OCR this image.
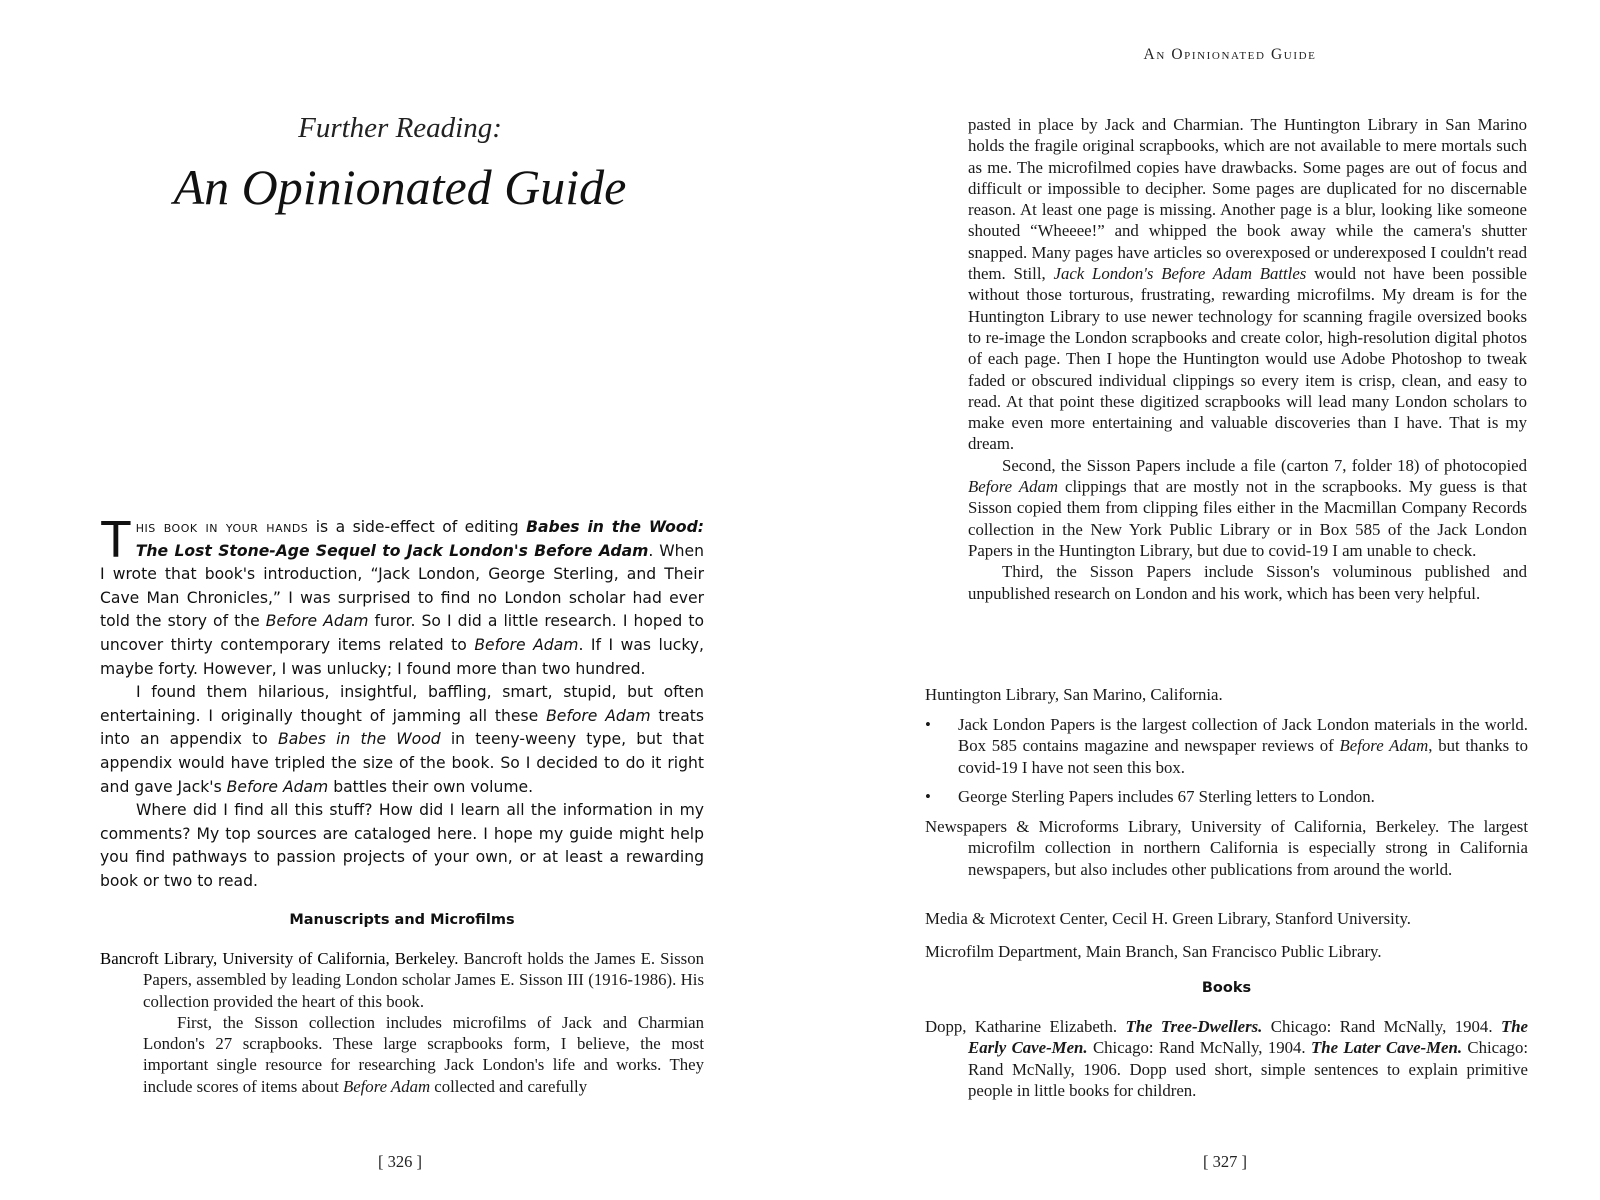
Further Reading:
An Opinionated Guide

This book in your hands is a side-effect of editing Babes in the Wood: The Lost Stone-Age Sequel to Jack London's Before Adam. When I wrote that book's introduction, “Jack London, George Sterling, and Their Cave Man Chronicles,” I was surprised to find no London scholar had ever told the story of the Before Adam furor. So I did a little research. I hoped to uncover thirty contemporary items related to Before Adam. If I was lucky, maybe forty. However, I was unlucky; I found more than two hundred.

I found them hilarious, insightful, baffling, smart, stupid, but often entertaining. I originally thought of jamming all these Before Adam treats into an appendix to Babes in the Wood in teeny-weeny type, but that appendix would have tripled the size of the book. So I decided to do it right and gave Jack's Before Adam battles their own volume.

Where did I find all this stuff? How did I learn all the information in my comments? My top sources are cataloged here. I hope my guide might help you find pathways to passion projects of your own, or at least a rewarding book or two to read.

Manuscripts and Microfilms

Bancroft Library, University of California, Berkeley. Bancroft holds the James E. Sisson Papers, assembled by leading London scholar James E. Sisson III (1916-1986). His collection provided the heart of this book.

First, the Sisson collection includes microfilms of Jack and Charmian London's 27 scrapbooks. These large scrapbooks form, I believe, the most important single resource for researching Jack London's life and works. They include scores of items about Before Adam collected and carefully

[ 326 ]
An Opinionated Guide

pasted in place by Jack and Charmian. The Huntington Library in San Marino holds the fragile original scrapbooks, which are not available to mere mortals such as me. The microfilmed copies have drawbacks. Some pages are out of focus and difficult or impossible to decipher. Some pages are duplicated for no discernable reason. At least one page is missing. Another page is a blur, looking like someone shouted “Wheeee!” and whipped the book away while the camera's shutter snapped. Many pages have articles so overexposed or underexposed I couldn't read them. Still, Jack London's Before Adam Battles would not have been possible without those torturous, frustrating, rewarding microfilms. My dream is for the Huntington Library to use newer technology for scanning fragile oversized books to re-image the London scrapbooks and create color, high-resolution digital photos of each page. Then I hope the Huntington would use Adobe Photoshop to tweak faded or obscured individual clippings so every item is crisp, clean, and easy to read. At that point these digitized scrapbooks will lead many London scholars to make even more entertaining and valuable discoveries than I have. That is my dream.

Second, the Sisson Papers include a file (carton 7, folder 18) of photocopied Before Adam clippings that are mostly not in the scrapbooks. My guess is that Sisson copied them from clipping files either in the Macmillan Company Records collection in the New York Public Library or in Box 585 of the Jack London Papers in the Huntington Library, but due to covid-19 I am unable to check.

Third, the Sisson Papers include Sisson's voluminous published and unpublished research on London and his work, which has been very helpful.

Huntington Library, San Marino, California.

• Jack London Papers is the largest collection of Jack London materials in the world. Box 585 contains magazine and newspaper reviews of Before Adam, but thanks to covid-19 I have not seen this box.
• George Sterling Papers includes 67 Sterling letters to London.

Newspapers & Microforms Library, University of California, Berkeley. The largest microfilm collection in northern California is especially strong in California newspapers, but also includes other publications from around the world.

Media & Microtext Center, Cecil H. Green Library, Stanford University.

Microfilm Department, Main Branch, San Francisco Public Library.

Books

Dopp, Katharine Elizabeth. The Tree-Dwellers. Chicago: Rand McNally, 1904. The Early Cave-Men. Chicago: Rand McNally, 1904. The Later Cave-Men. Chicago: Rand McNally, 1906. Dopp used short, simple sentences to explain primitive people in little books for children.

[ 327 ]
